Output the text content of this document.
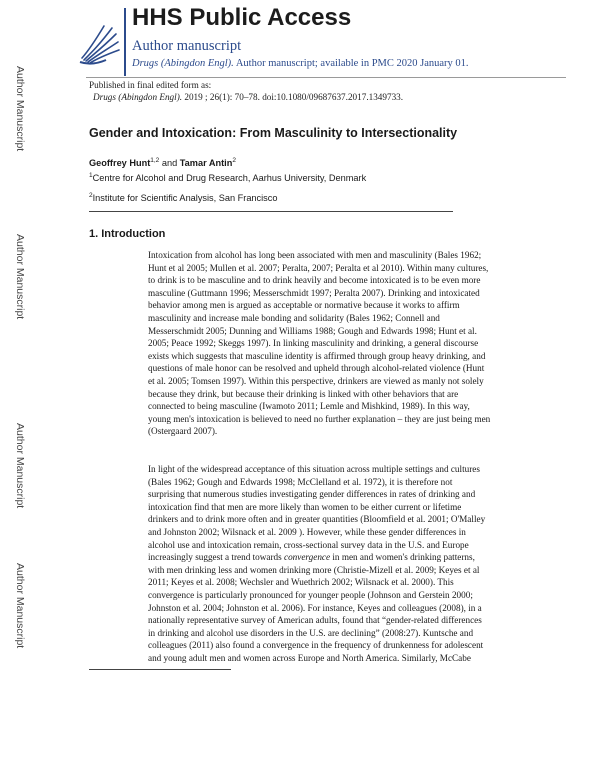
Author Manuscript
Author Manuscript
Author Manuscript
Author Manuscript
HHS Public Access
Author manuscript
Drugs (Abingdon Engl). Author manuscript; available in PMC 2020 January 01.
Published in final edited form as:
Drugs (Abingdon Engl). 2019 ; 26(1): 70–78. doi:10.1080/09687637.2017.1349733.
Gender and Intoxication: From Masculinity to Intersectionality
Geoffrey Hunt$^{1,2}$ and Tamar Antin$^2$
$^1$Centre for Alcohol and Drug Research, Aarhus University, Denmark
$^2$Institute for Scientific Analysis, San Francisco
1. Introduction
Intoxication from alcohol has long been associated with men and masculinity (Bales 1962;
Hunt et al 2005; Mullen et al. 2007; Peralta, 2007; Peralta et al 2010). Within many cultures,
to drink is to be masculine and to drink heavily and become intoxicated is to be even more
masculine (Guttmann 1996; Messerschmidt 1997; Peralta 2007). Drinking and intoxicated
behavior among men is argued as acceptable or normative because it works to affirm
masculinity and increase male bonding and solidarity (Bales 1962; Connell and
Messerschmidt 2005; Dunning and Williams 1988; Gough and Edwards 1998; Hunt et al.
2005; Peace 1992; Skeggs 1997). In linking masculinity and drinking, a general discourse
exists which suggests that masculine identity is affirmed through group heavy drinking, and
questions of male honor can be resolved and upheld through alcohol-related violence (Hunt
et al. 2005; Tomsen 1997). Within this perspective, drinkers are viewed as manly not solely
because they drink, but because their drinking is linked with other behaviors that are
connected to being masculine (Iwamoto 2011; Lemle and Mishkind, 1989). In this way,
young men's intoxication is believed to need no further explanation – they are just being men
(Ostergaard 2007).
In light of the widespread acceptance of this situation across multiple settings and cultures
(Bales 1962; Gough and Edwards 1998; McClelland et al. 1972), it is therefore not
surprising that numerous studies investigating gender differences in rates of drinking and
intoxication find that men are more likely than women to be either current or lifetime
drinkers and to drink more often and in greater quantities (Bloomfield et al. 2001; O'Malley
and Johnston 2002; Wilsnack et al. 2009 ). However, while these gender differences in
alcohol use and intoxication remain, cross-sectional survey data in the U.S. and Europe
increasingly suggest a trend towards convergence in men and women's drinking patterns,
with men drinking less and women drinking more (Christie-Mizell et al. 2009; Keyes et al
2011; Keyes et al. 2008; Wechsler and Wuethrich 2002; Wilsnack et al. 2000). This
convergence is particularly pronounced for younger people (Johnson and Gerstein 2000;
Johnston et al. 2004; Johnston et al. 2006). For instance, Keyes and colleagues (2008), in a
nationally representative survey of American adults, found that “gender-related differences
in drinking and alcohol use disorders in the U.S. are declining” (2008:27). Kuntsche and
colleagues (2011) also found a convergence in the frequency of drunkenness for adolescent
and young adult men and women across Europe and North America. Similarly, McCabe
